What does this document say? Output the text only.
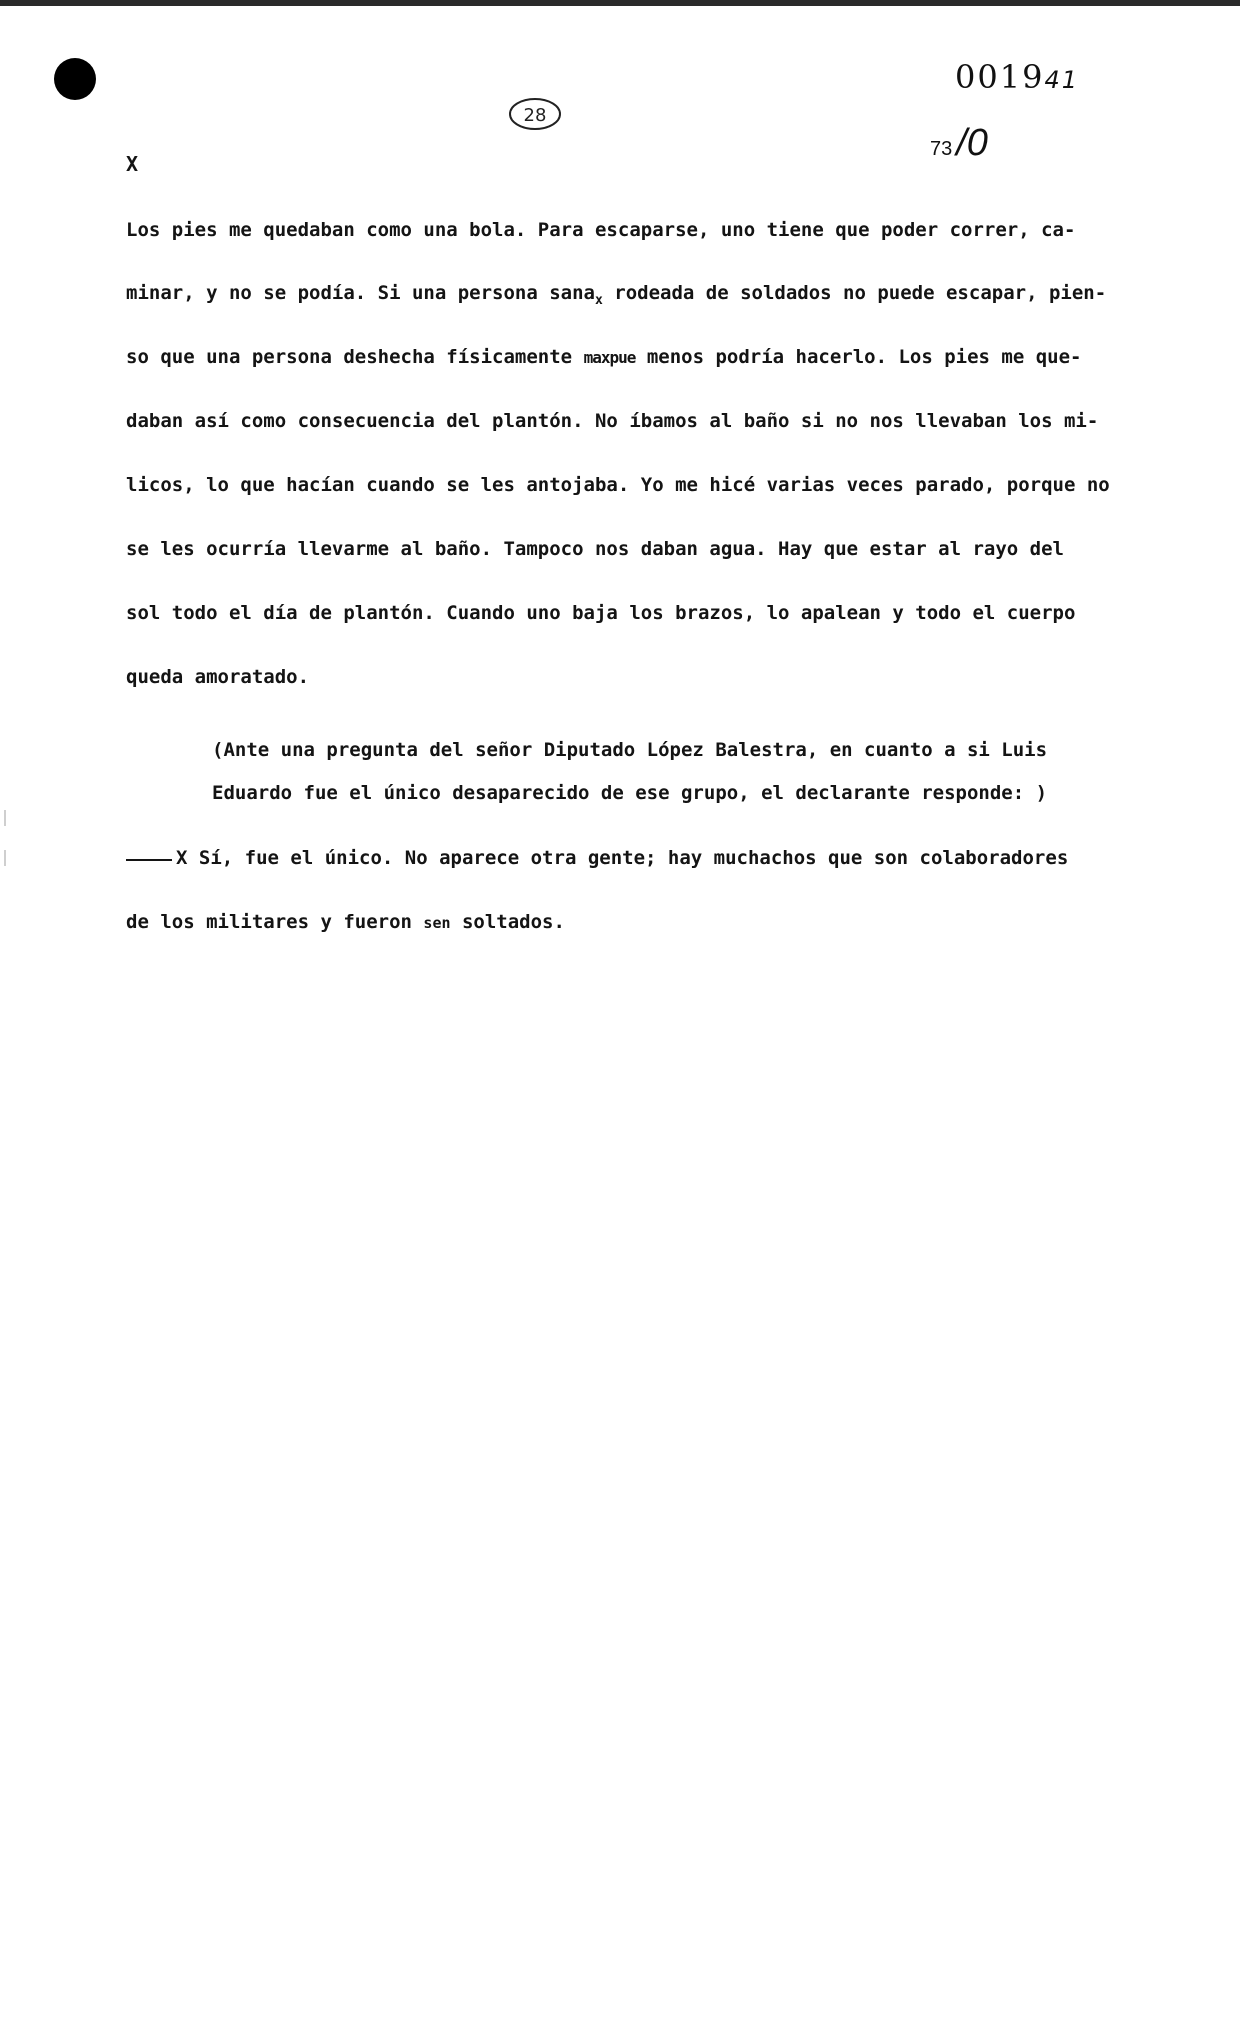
X
28
001941
73 /0
Los pies me quedaban como una bola. Para escaparse, uno tiene que poder correr, ca-
minar, y no se podía. Si una persona sana$_x$ rodeada de soldados no puede escapar, pien-
so que una persona deshecha físicamente maxpue menos podría hacerlo. Los pies me que-
daban así como consecuencia del plantón. No íbamos al baño si no nos llevaban los mi-
licos, lo que hacían cuando se les antojaba. Yo me hicé varias veces parado, porque no
se les ocurría llevarme al baño. Tampoco nos daban agua. Hay que estar al rayo del
sol todo el día de plantón. Cuando uno baja los brazos, lo apalean y todo el cuerpo
queda amoratado.
(Ante una pregunta del señor Diputado López Balestra, en cuanto a si Luis
Eduardo fue el único desaparecido de ese grupo, el declarante responde: )
X Sí, fue el único. No aparece otra gente; hay muchachos que son colaboradores
de los militares y fueron sen soltados.
